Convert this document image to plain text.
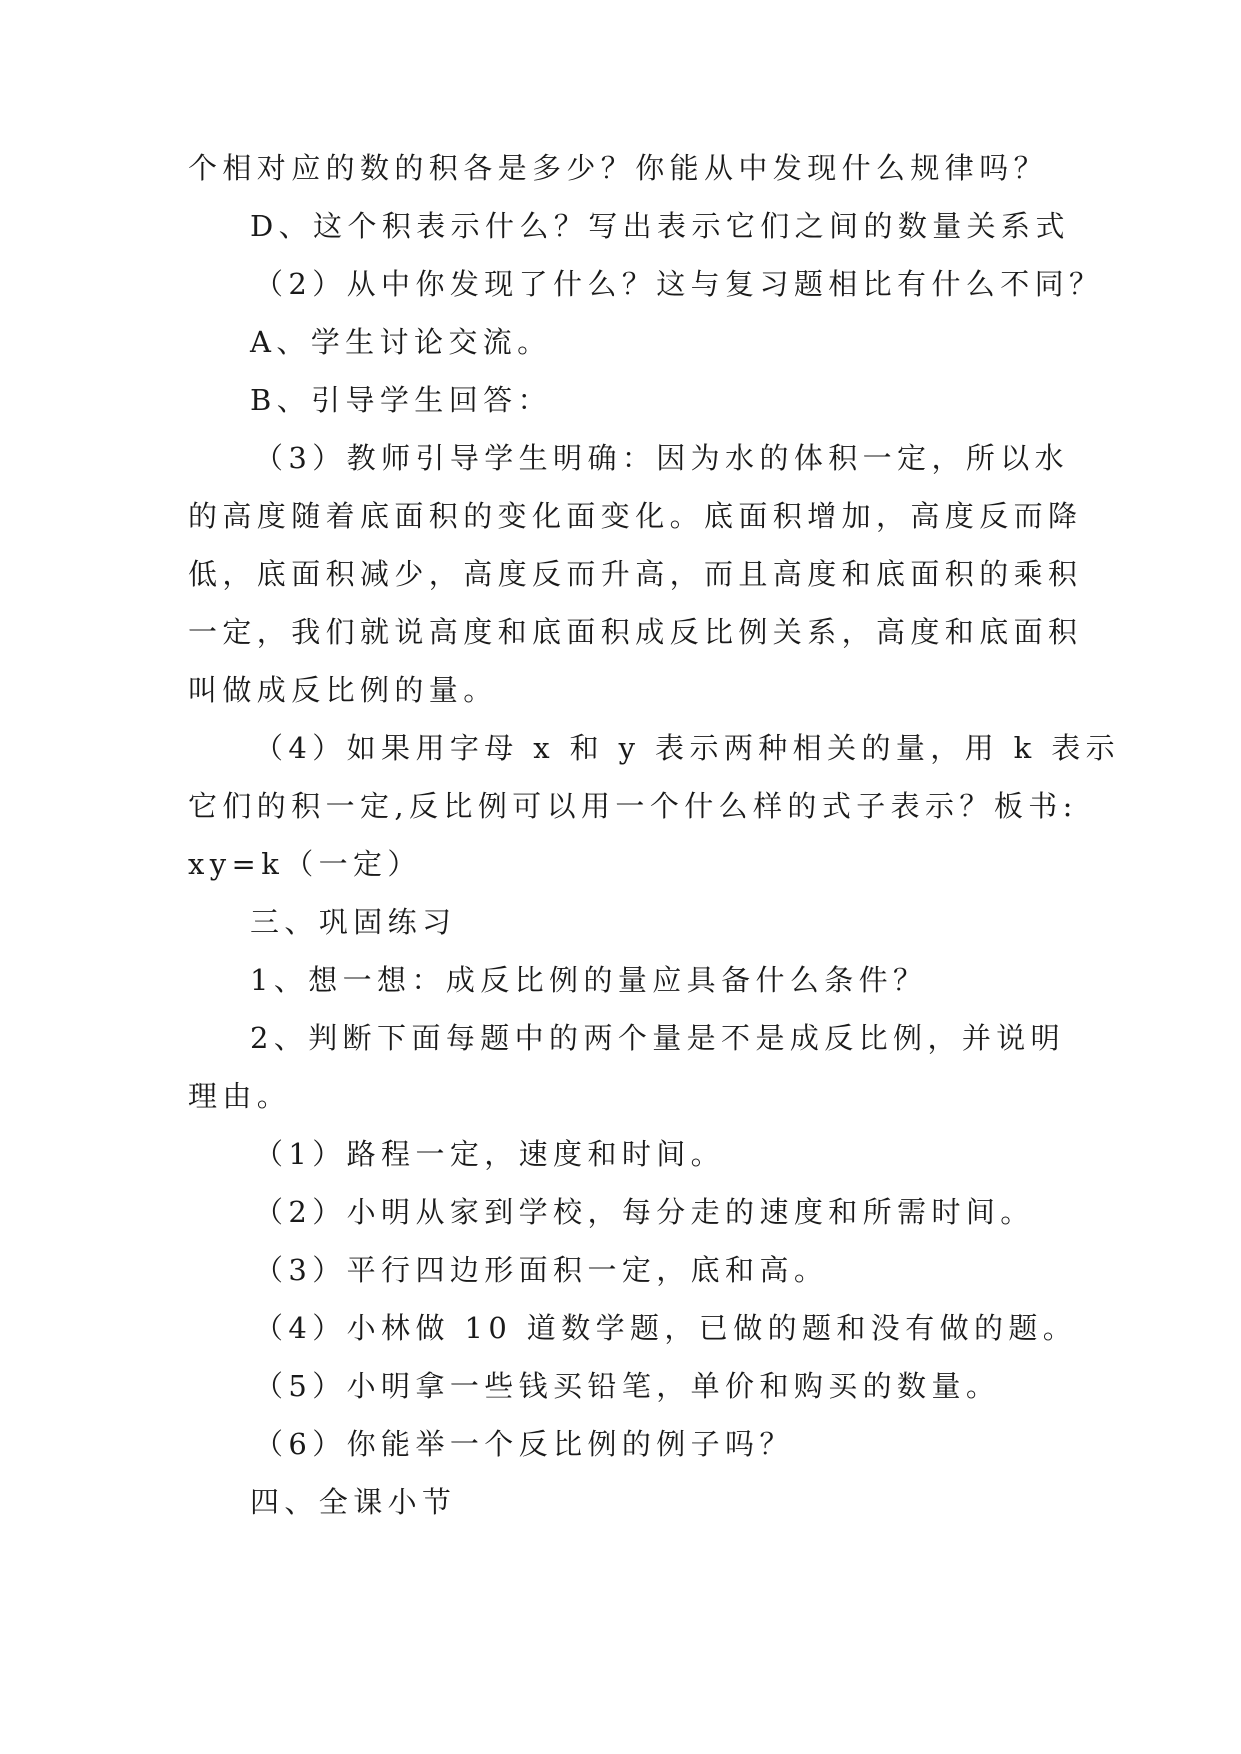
个相对应的数的积各是多少？你能从中发现什么规律吗？
D、这个积表示什么？写出表示它们之间的数量关系式
（2）从中你发现了什么？这与复习题相比有什么不同？
A、学生讨论交流。
B、引导学生回答：
（3）教师引导学生明确：因为水的体积一定，所以水
的高度随着底面积的变化面变化。底面积增加，高度反而降
低，底面积减少，高度反而升高，而且高度和底面积的乘积
一定，我们就说高度和底面积成反比例关系，高度和底面积
叫做成反比例的量。
（4）如果用字母 x 和 y 表示两种相关的量，用 k 表示
它们的积一定,反比例可以用一个什么样的式子表示？板书:
xy=k（一定）
三、巩固练习
1、想一想：成反比例的量应具备什么条件？
2、判断下面每题中的两个量是不是成反比例，并说明
理由。
（1）路程一定，速度和时间。
（2）小明从家到学校，每分走的速度和所需时间。
（3）平行四边形面积一定，底和高。
（4）小林做 10 道数学题，已做的题和没有做的题。
（5）小明拿一些钱买铅笔，单价和购买的数量。
（6）你能举一个反比例的例子吗？
四、全课小节
